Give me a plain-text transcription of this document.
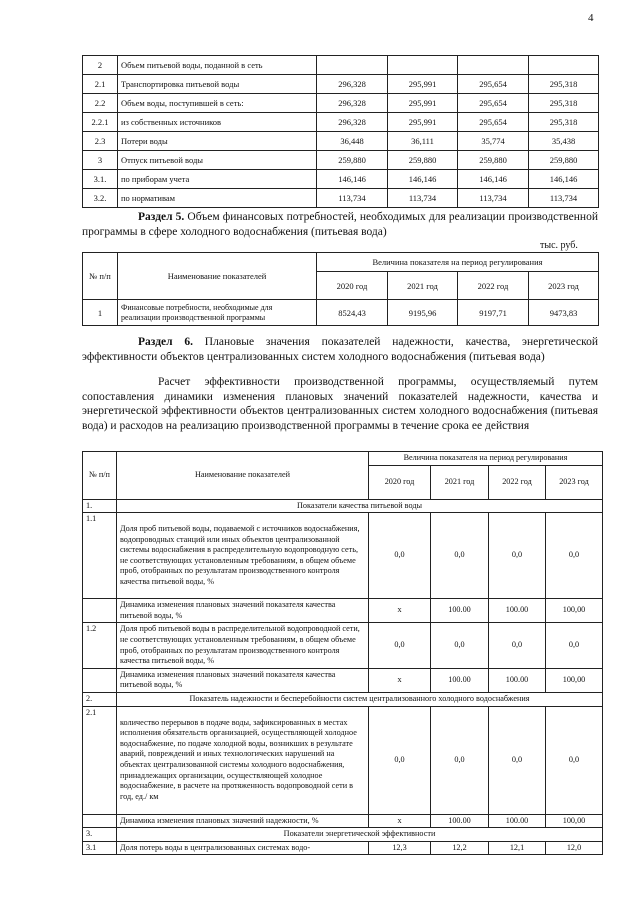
4
2	Объем питьевой воды, поданной в сеть				
2.1	Транспортировка питьевой воды	296,328	295,991	295,654	295,318
2.2	Объем воды, поступившей в сеть:	296,328	295,991	295,654	295,318
2.2.1	из собственных источников	296,328	295,991	295,654	295,318
2.3	Потери воды	36,448	36,111	35,774	35,438
3	Отпуск питьевой воды	259,880	259,880	259,880	259,880
3.1.	по приборам учета	146,146	146,146	146,146	146,146
3.2.	по нормативам	113,734	113,734	113,734	113,734
Раздел 5. Объем финансовых потребностей, необходимых для реализации производственной программы в сфере холодного водоснабжения (питьевая вода)
тыс. руб.
№ п/п	Наименование показателей	Величина показателя на период регулирования			
		2020 год	2021 год	2022 год	2023 год
1	Финансовые потребности, необходимые для реализации производственной программы	8524,43	9195,96	9197,71	9473,83
Раздел 6. Плановые значения показателей надежности, качества, энергетической эффективности объектов централизованных систем холодного водоснабжения (питьевая вода)
Расчет эффективности производственной программы, осуществляемый путем сопоставления динамики изменения плановых значений показателей надежности, качества и энергетической эффективности объектов централизованных систем холодного водоснабжения (питьевая вода) и расходов на реализацию производственной программы в течение срока ее действия
№ п/п	Наименование показателей	Величина показателя на период регулирования			
		2020 год	2021 год	2022 год	2023 год
1.	Показатели качества питьевой воды				
1.1	Доля проб питьевой воды, подаваемой с источников водоснабжения, водопроводных станций или иных объектов централизованной системы водоснабжения в распределительную водопроводную сеть, не соответствующих установленным требованиям, в общем объеме проб, отобранных по результатам производственного контроля качества питьевой воды, %	0,0	0,0	0,0	0,0
	Динамика изменения плановых значений показателя качества питьевой воды, %	х	100.00	100.00	100,00
1.2	Доля проб питьевой воды в распределительной водопроводной сети, не соответствующих установленным требованиям, в общем объеме проб, отобранных по результатам производственного контроля качества питьевой воды, %	0,0	0,0	0,0	0,0
	Динамика изменения плановых значений показателя качества питьевой воды, %	х	100.00	100.00	100,00
2.	Показатель надежности и бесперебойности систем централизованного холодного водоснабжения				
2.1	количество перерывов в подаче воды, зафиксированных в местах исполнения обязательств организацией, осуществляющей холодное водоснабжение, по подаче холодной воды, возникших в результате аварий, повреждений и иных технологических нарушений на объектах централизованной системы холодного водоснабжения, принадлежащих организации, осуществляющей холодное водоснабжение, в расчете на протяженность водопроводной сети в год, ед./ км	0,0	0,0	0,0	0,0
	Динамика изменения плановых значений надежности, %	х	100.00	100.00	100,00
3.	Показатели энергетической эффективности				
3.1	Доля потерь воды в централизованных системах водо-	12,3	12,2	12,1	12,0
